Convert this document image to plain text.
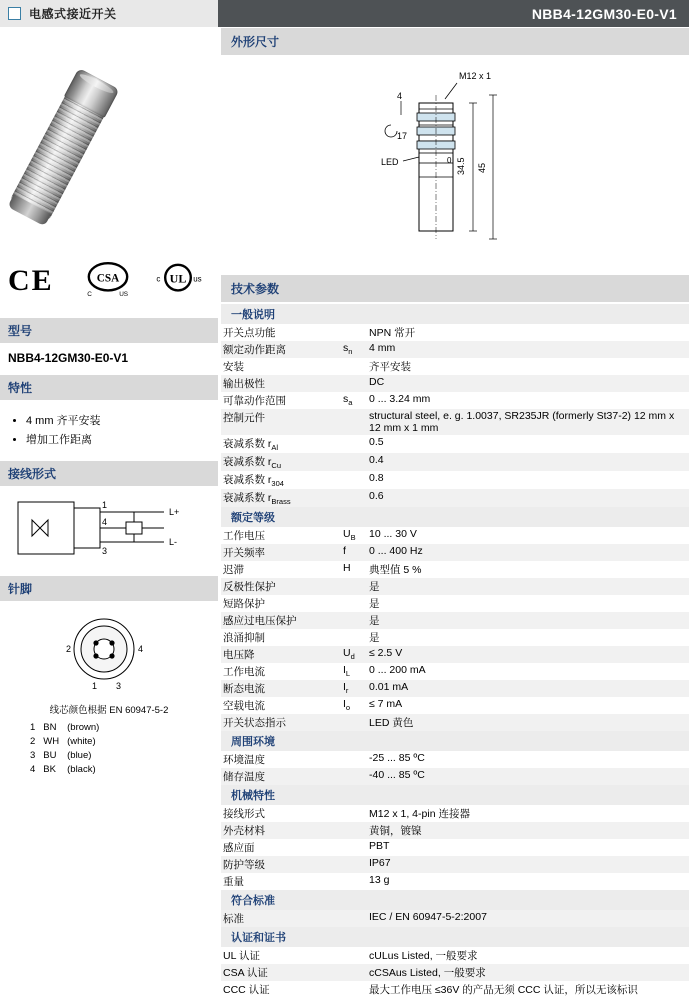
电感式接近开关	NBB4-12GM30-E0-V1
CE	CSA
C	US
UL
c	us
型号
NBB4-12GM30-E0-V1
特性
• 4 mm 齐平安装
• 增加工作距离
接线形式
1
4
3
L+
L-
针脚
2	4
1 3
线芯颜色根据 EN 60947-5-2
1	BN	(brown)
2	WH	(white)
3	BU	(blue)
4	BK	(black)
外形尺寸
M12 x 1
LED
17
4
34.5 45
0
技术参数
一般说明
开关点功能		NPN 常开
额定动作距离	$s_n$	4 mm
安装		齐平安装
输出极性		DC
可靠动作范围	$s_a$	0 ... 3.24 mm
控制元件		structural steel, e. g. 1.0037, SR235JR (formerly St37-2) 12 mm x 12 mm x 1 mm
衰减系数 $r_{Al}$		0.5
衰减系数 $r_{Cu}$		0.4
衰减系数 $r_{304}$		0.8
衰减系数 $r_{Brass}$		0.6
额定等级
工作电压	$U_B$	10 ... 30 V
开关频率	f	0 ... 400 Hz
迟滞	H	典型值 5 %
反极性保护		是
短路保护		是
感应过电压保护		是
浪涌抑制		是
电压降	$U_d$	≤ 2.5 V
工作电流	$I_L$	0 ... 200 mA
断态电流	$I_r$	0.01 mA
空载电流	$I_o$	≤ 7 mA
开关状态指示		LED 黄色
周围环境
环境温度		-25 ... 85 ºC
储存温度		-40 ... 85 ºC
机械特性
接线形式		M12 x 1, 4-pin 连接器
外壳材料		黄铜，镀镍
感应面		PBT
防护等级		IP67
重量		13 g
符合标准
标准		IEC / EN 60947-5-2:2007
认证和证书
UL 认证		cULus Listed, 一般要求
CSA 认证		cCSAus Listed, 一般要求
CCC 认证		最大工作电压 ≤36V 的产品无须 CCC 认证，所以无该标识
